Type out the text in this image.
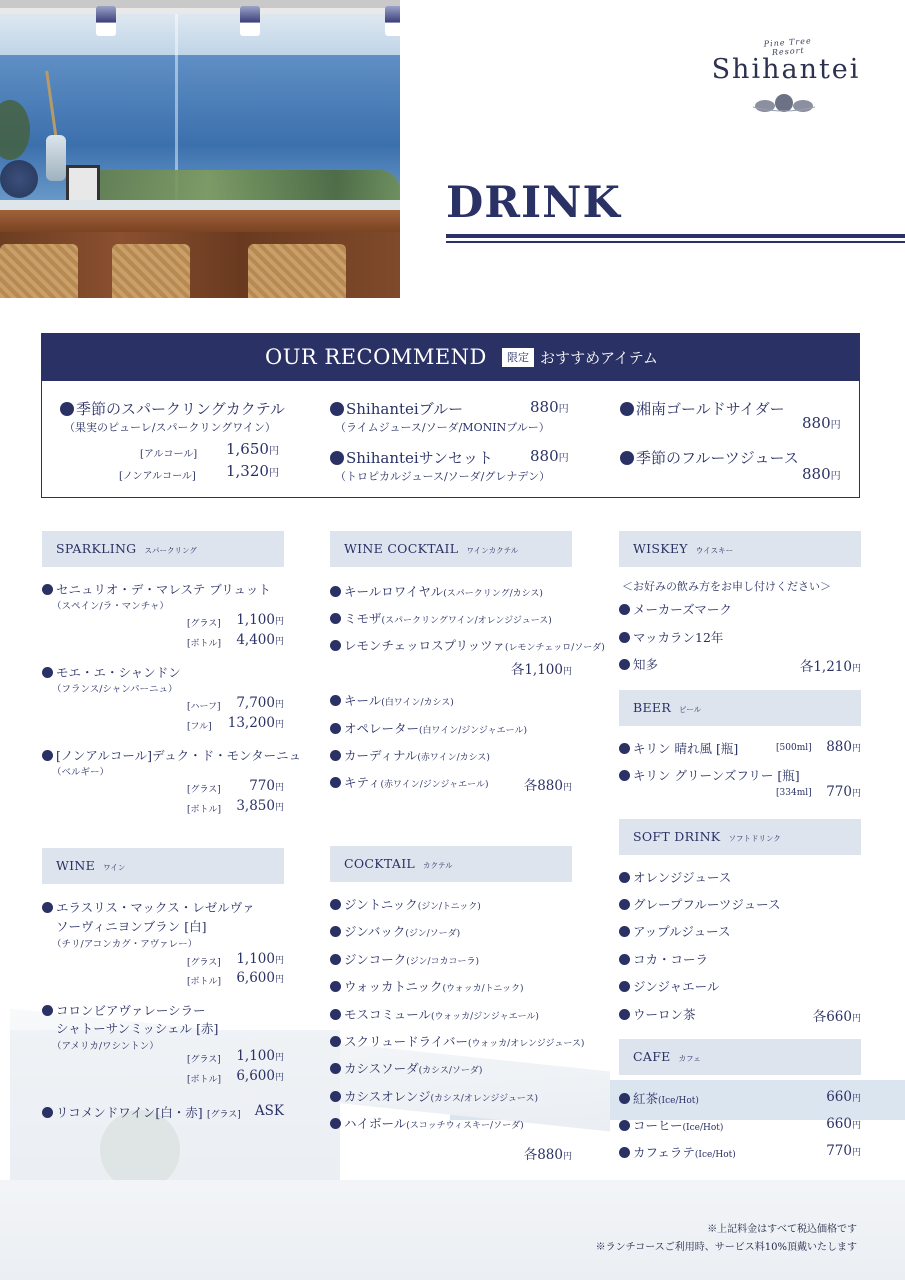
Pine Tree Resort
Shihantei
DRINK
OUR RECOMMEND	限定 おすすめアイテム
季節のスパークリングカクテル
（果実のピューレ/スパークリングワイン）
[アルコール] 1,650円
[ノンアルコール] 1,320円
Shihanteiブルー	880円
（ライムジュース/ソーダ/MONINブルー）
Shihanteiサンセット 880円
（トロピカルジュース/ソーダ/グレナデン）
湘南ゴールドサイダー
880円
季節のフルーツジュース
880円
SPARKLING スパークリング
セニュリオ・デ・マレステ ブリュット
（スペイン/ラ・マンチャ）
[グラス]	1,100円
[ボトル]	4,400円
モエ・エ・シャンドン
（フランス/シャンパーニュ）
[ハーフ]	7,700円
[フル]	13,200円
[ノンアルコール]デュク・ド・モンターニュ
（ベルギー）
[グラス]	770円
[ボトル]	3,850円
WINE ワイン
エラスリス・マックス・レゼルヴァ
ソーヴィニヨンブラン [白]
（チリ/アコンカグ・アヴァレー）
[グラス]	1,100円
[ボトル]	6,600円
コロンビアヴァレーシラー
シャトーサンミッシェル [赤]
（アメリカ/ワシントン）
[グラス]	1,100円
[ボトル]	6,600円
リコメンドワイン[白・赤] [グラス]	ASK
WINE COCKTAIL ワインカクテル
キールロワイヤル(スパークリング/カシス)
ミモザ(スパークリングワイン/オレンジジュース)
レモンチェッロスプリッツァ(レモンチェッロ/ソーダ)
各1,100円
キール(白ワイン/カシス)
オペレーター(白ワイン/ジンジャエール)
カーディナル(赤ワイン/カシス)
キティ(赤ワイン/ジンジャエール)	各880円
COCKTAIL カクテル
ジントニック(ジン/トニック)
ジンバック(ジン/ソーダ)
ジンコーク(ジン/コカコーラ)
ウォッカトニック(ウォッカ/トニック)
モスコミュール(ウォッカ/ジンジャエール)
スクリュードライバー(ウォッカ/オレンジジュース)
カシスソーダ(カシス/ソーダ)
カシスオレンジ(カシス/オレンジジュース)
ハイボール(スコッチウィスキー/ソーダ)
各880円
WISKEY ウイスキー
＜お好みの飲み方をお申し付けください＞
メーカーズマーク
マッカラン12年
知多	各1,210円
BEER ビール
キリン 晴れ風 [瓶]	[500ml]	880円
キリン グリーンズフリー [瓶]
[334ml]	770円
SOFT DRINK ソフトドリンク
オレンジジュース
グレープフルーツジュース
アップルジュース
コカ・コーラ
ジンジャエール
ウーロン茶	各660円
CAFE カフェ
紅茶(Ice/Hot)	660円
コーヒー(Ice/Hot)	660円
カフェラテ(Ice/Hot)	770円
※上記料金はすべて税込価格です
※ランチコースご利用時、サービス料10%頂戴いたします
